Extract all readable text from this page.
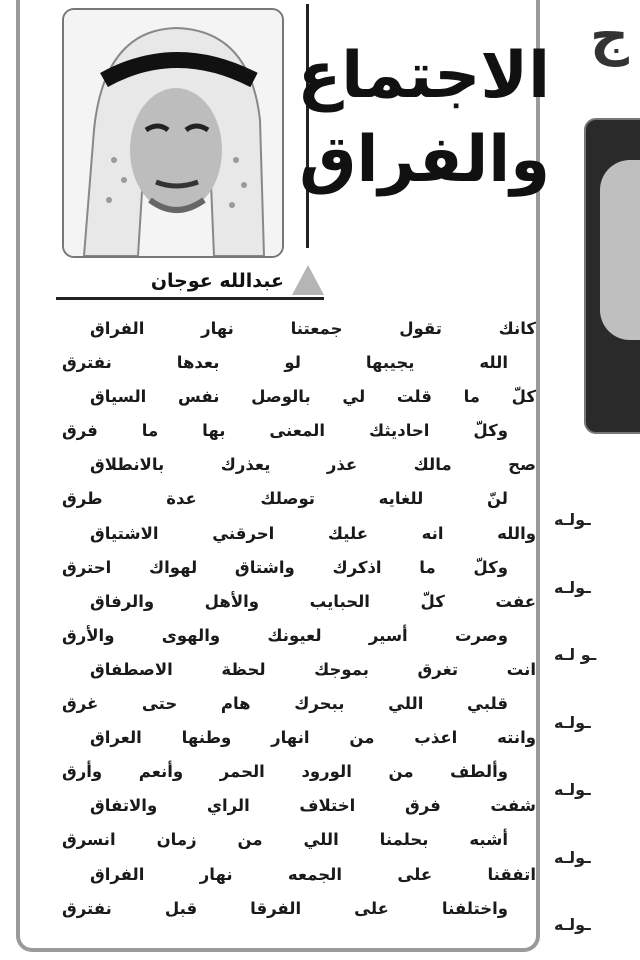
الاجتماع
والفراق
عبدالله عوجان
كانك تقول جمعتنا نهار الفراق
الله يجيبها لو بعدها نفترق
كلّ ما قلت لي بالوصل نفس السياق
وكلّ احاديثك المعنى بها ما فرق
صح مالك عذر يعذرك بالانطلاق
لنّ للغايه توصلك عدة طرق
والله انه عليك احرقني الاشتياق
وكلّ ما اذكرك واشتاق لهواك احترق
عفت كلّ الحبايب والأهل والرفاق
وصرت أسير لعيونك والهوى والأرق
انت تغرق بموجك لحظة الاصطفاق
قلبي اللي ببحرك هام حتى غرق
وانته اعذب من انهار وطنها العراق
وألطف من الورود الحمر وأنعم وأرق
شفت فرق اختلاف الراي والاتفاق
أشبه بحلمنا اللي من زمان انسرق
اتفقنا على الجمعه نهار الفراق
واختلفنا على الفرقا قبل نفترق
ج
ـولـه
ـولـه
ـو لـه
ـولـه
ـولـه
ـولـه
ـولـه
